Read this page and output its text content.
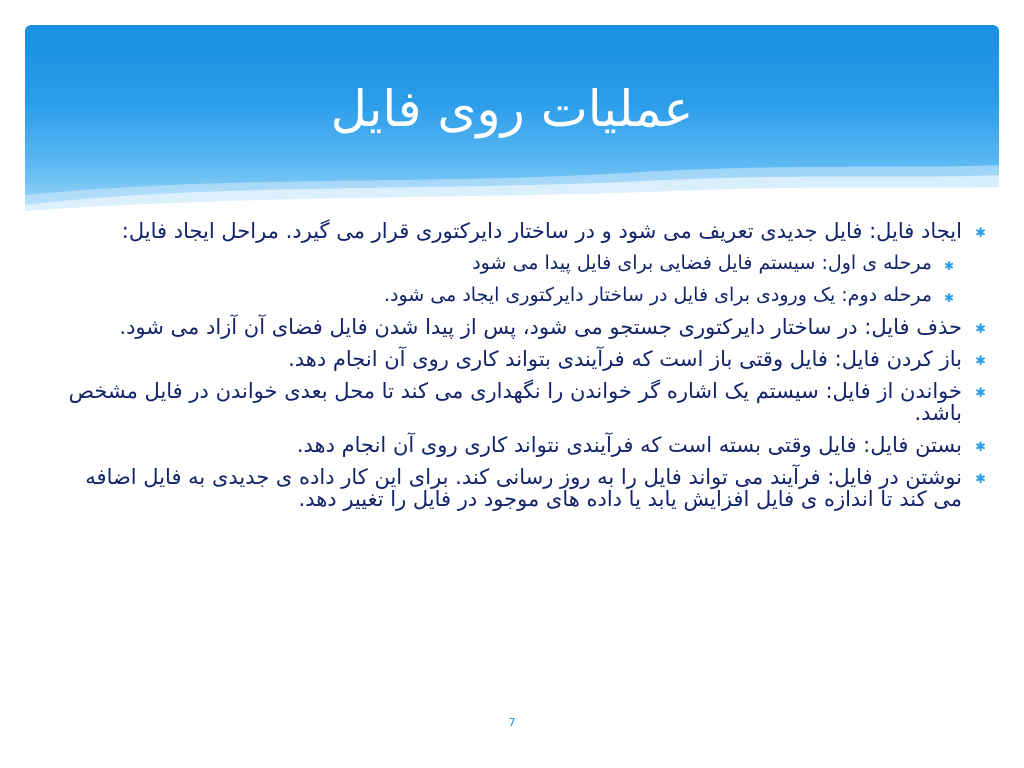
عملیات روی فایل
✱
ایجاد فایل: فایل جدیدی تعریف می شود و در ساختار دایرکتوری قرار می گیرد. مراحل ایجاد فایل:
✱
مرحله ی اول: سیستم فایل فضایی برای فایل پیدا می شود
✱
مرحله دوم: یک ورودی برای فایل در ساختار دایرکتوری ایجاد می شود.
✱
حذف فایل: در ساختار دایرکتوری جستجو می شود، پس از پیدا شدن فایل فضای آن آزاد می شود.
✱
باز کردن فایل: فایل وقتی باز است که فرآیندی بتواند کاری روی آن انجام دهد.
✱
خواندن از فایل: سیستم یک اشاره گر خواندن را نگهداری می کند تا محل بعدی خواندن در فایل مشخص باشد.
✱
بستن فایل: فایل وقتی بسته است که فرآیندی نتواند کاری روی آن انجام دهد.
✱
نوشتن در فایل: فرآیند می تواند فایل را به روز رسانی کند. برای این کار داده ی جدیدی به فایل اضافه می کند تا اندازه ی فایل افزایش یابد یا داده های موجود در فایل را تغییر دهد.
7
